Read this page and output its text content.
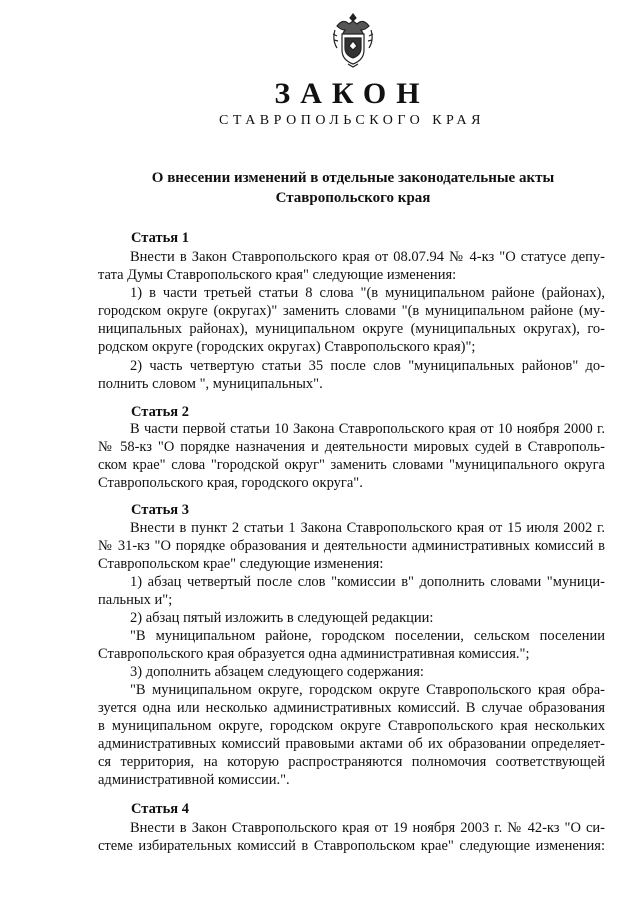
ЗАКОН
СТАВРОПОЛЬСКОГО КРАЯ
О внесении изменений в отдельные законодательные акты
Ставропольского края
Статья 1
Внести в Закон Ставропольского края от 08.07.94 № 4-кз "О статусе депу-
тата Думы Ставропольского края" следующие изменения:
1) в части третьей статьи 8 слова "(в муниципальном районе (районах),
городском округе (округах)" заменить словами "(в муниципальном районе (му-
ниципальных районах), муниципальном округе (муниципальных округах), го-
родском округе (городских округах) Ставропольского края)";
2) часть четвертую статьи 35 после слов "муниципальных районов" до-
полнить словом ", муниципальных".
Статья 2
В части первой статьи 10 Закона Ставропольского края от 10 ноября 2000 г.
№ 58-кз "О порядке назначения и деятельности мировых судей в Ставрополь-
ском крае" слова "городской округ" заменить словами "муниципального округа
Ставропольского края, городского округа".
Статья 3
Внести в пункт 2 статьи 1 Закона Ставропольского края от 15 июля 2002 г.
№ 31-кз "О порядке образования и деятельности административных комиссий в
Ставропольском крае" следующие изменения:
1) абзац четвертый после слов "комиссии в" дополнить словами "муници-
пальных и";
2) абзац пятый изложить в следующей редакции:
"В муниципальном районе, городском поселении, сельском поселении
Ставропольского края образуется одна административная комиссия.";
3) дополнить абзацем следующего содержания:
"В муниципальном округе, городском округе Ставропольского края обра-
зуется одна или несколько административных комиссий. В случае образования
в муниципальном округе, городском округе Ставропольского края нескольких
административных комиссий правовыми актами об их образовании определяет-
ся территория, на которую распространяются полномочия соответствующей
административной комиссии.".
Статья 4
Внести в Закон Ставропольского края от 19 ноября 2003 г. № 42-кз "О си-
стеме избирательных комиссий в Ставропольском крае" следующие изменения:
